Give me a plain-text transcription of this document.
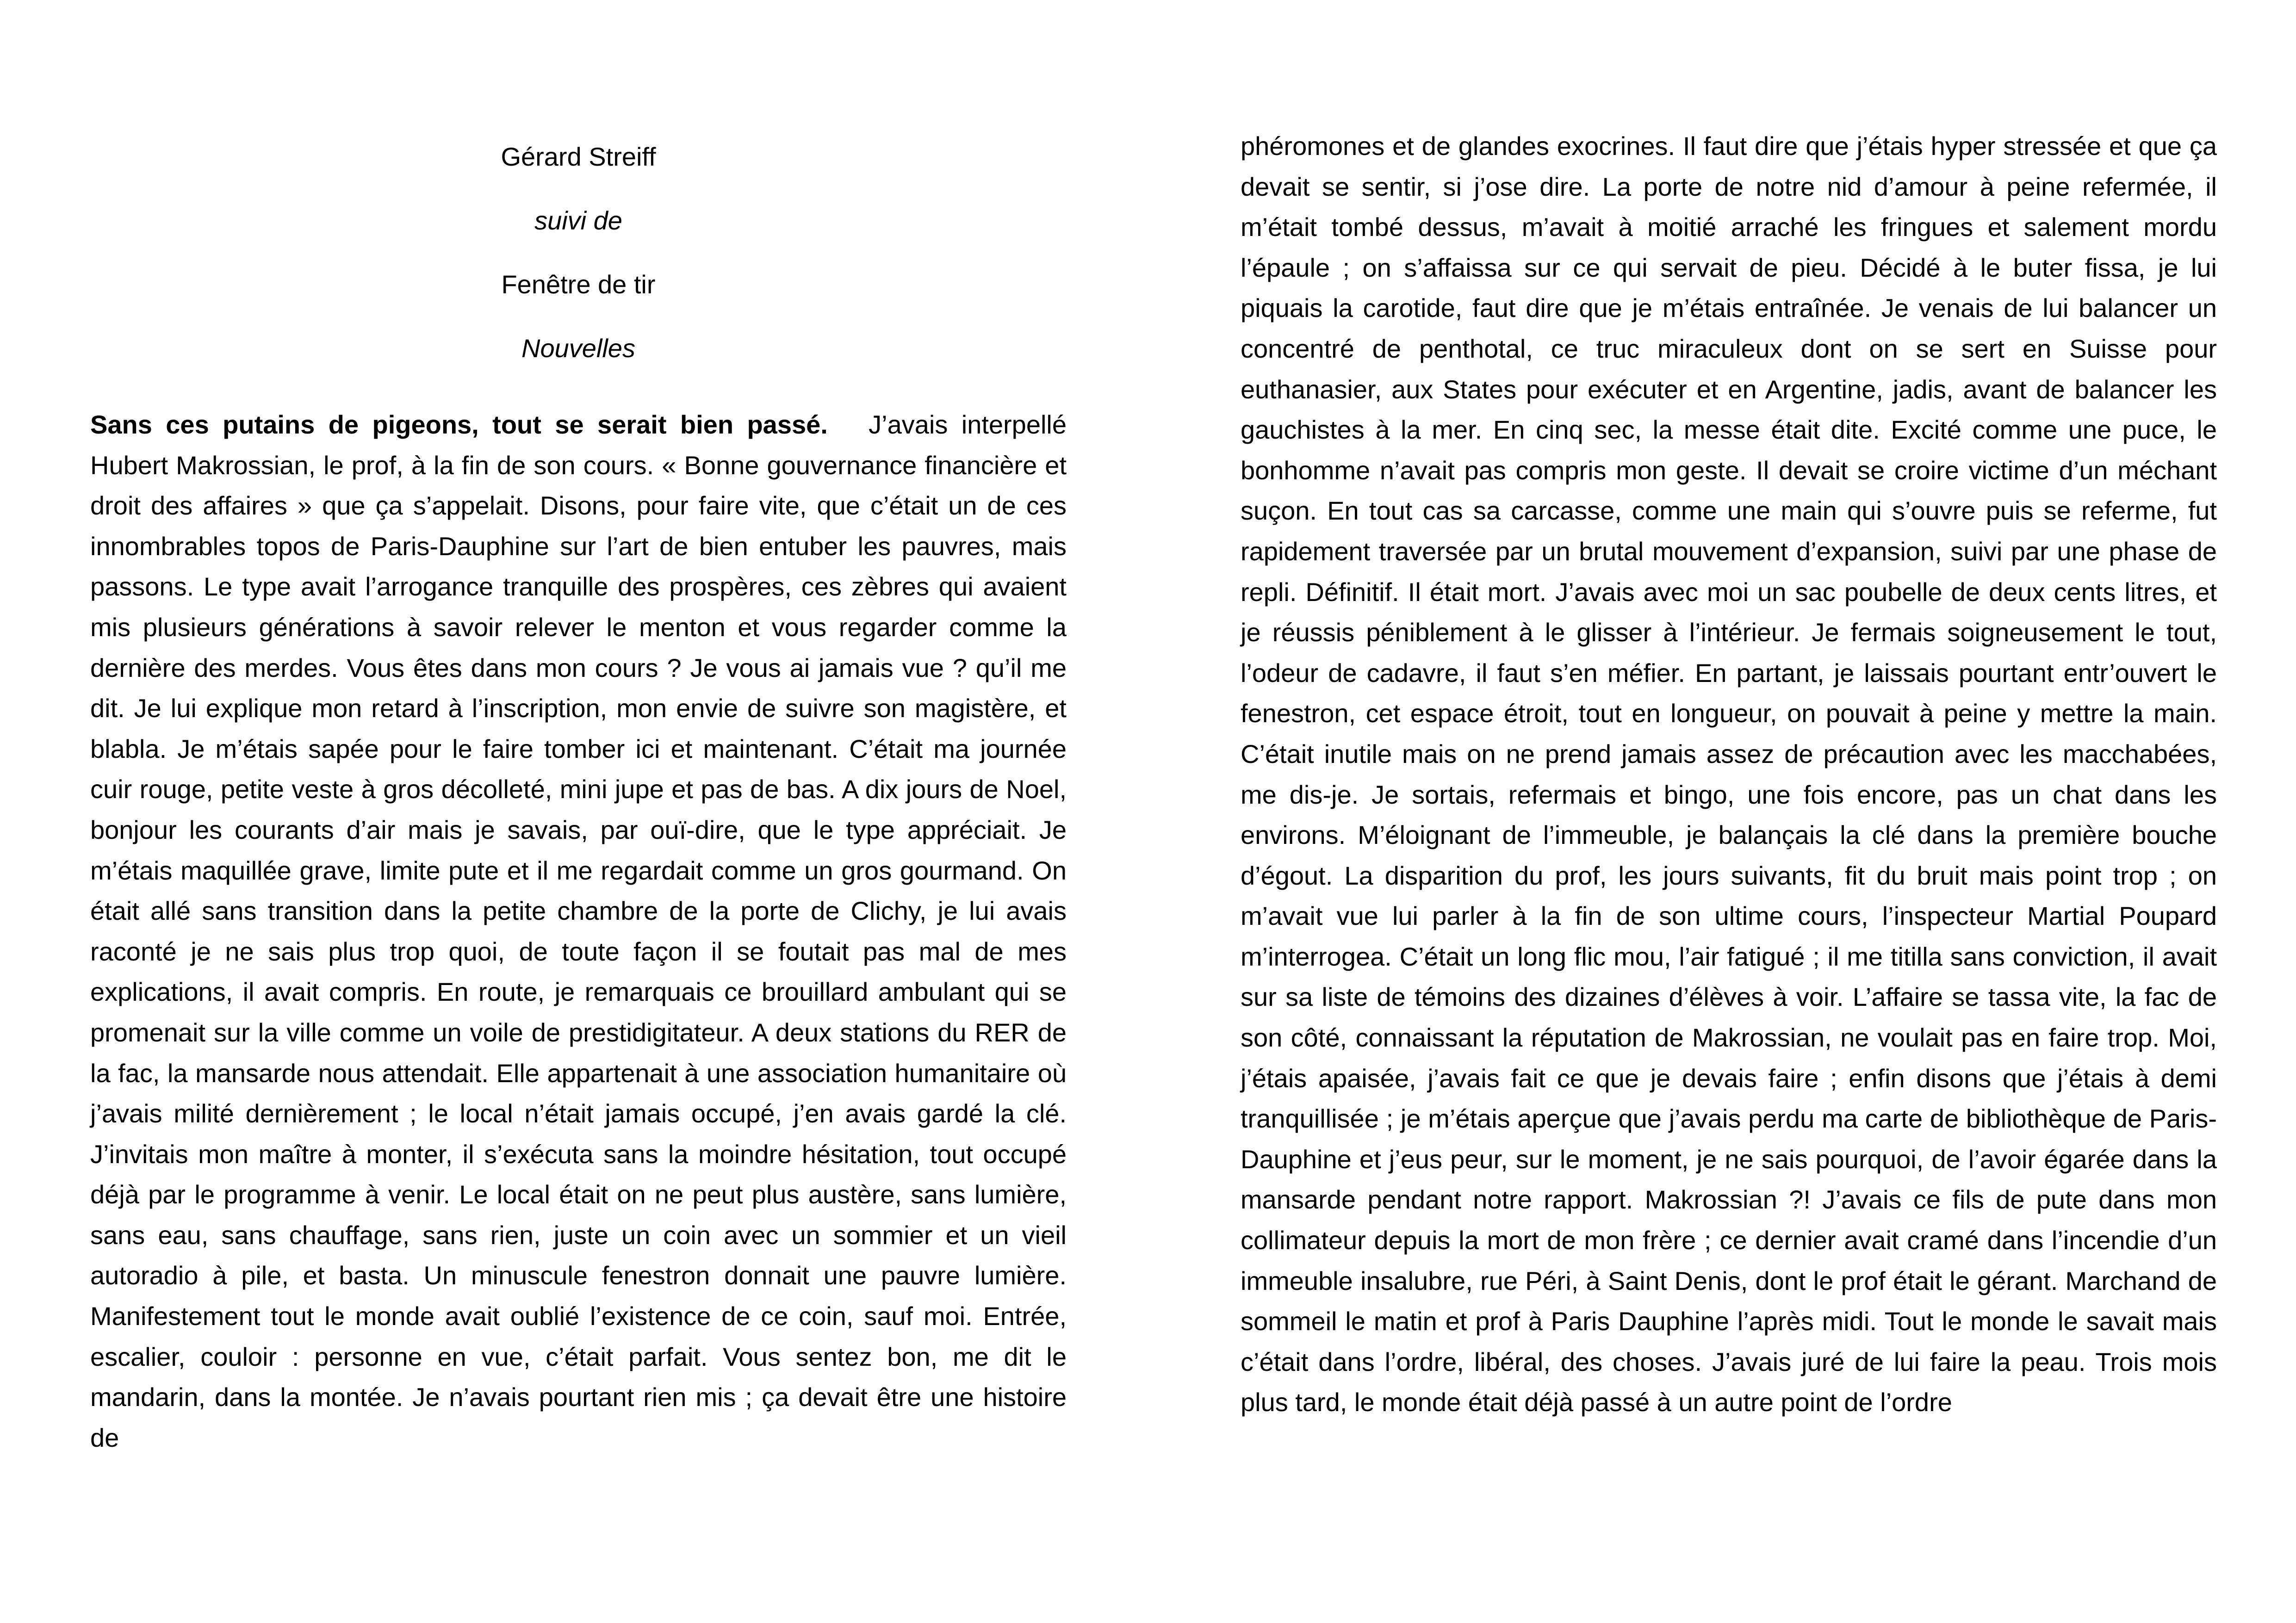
Gérard Streiff
suivi de
Fenêtre de tir
Nouvelles

Sans ces putains de pigeons, tout se serait bien passé. J’avais interpellé Hubert Makrossian, le prof, à la fin de son cours. « Bonne gouvernance financière et droit des affaires » que ça s’appelait. Disons, pour faire vite, que c’était un de ces innombrables topos de Paris-Dauphine sur l’art de bien entuber les pauvres, mais passons. Le type avait l’arrogance tranquille des prospères, ces zèbres qui avaient mis plusieurs générations à savoir relever le menton et vous regarder comme la dernière des merdes. Vous êtes dans mon cours ? Je vous ai jamais vue ? qu’il me dit. Je lui explique mon retard à l’inscription, mon envie de suivre son magistère, et blabla. Je m’étais sapée pour le faire tomber ici et maintenant. C’était ma journée cuir rouge, petite veste à gros décolleté, mini jupe et pas de bas. A dix jours de Noel, bonjour les courants d’air mais je savais, par ouï-dire, que le type appréciait. Je m’étais maquillée grave, limite pute et il me regardait comme un gros gourmand. On était allé sans transition dans la petite chambre de la porte de Clichy, je lui avais raconté je ne sais plus trop quoi, de toute façon il se foutait pas mal de mes explications, il avait compris. En route, je remarquais ce brouillard ambulant qui se promenait sur la ville comme un voile de prestidigitateur. A deux stations du RER de la fac, la mansarde nous attendait. Elle appartenait à une association humanitaire où j’avais milité dernièrement ; le local n’était jamais occupé, j’en avais gardé la clé. J’invitais mon maître à monter, il s’exécuta sans la moindre hésitation, tout occupé déjà par le programme à venir. Le local était on ne peut plus austère, sans lumière, sans eau, sans chauffage, sans rien, juste un coin avec un sommier et un vieil autoradio à pile, et basta. Un minuscule fenestron donnait une pauvre lumière. Manifestement tout le monde avait oublié l’existence de ce coin, sauf moi. Entrée, escalier, couloir : personne en vue, c’était parfait. Vous sentez bon, me dit le mandarin, dans la montée. Je n’avais pourtant rien mis ; ça devait être une histoire de

phéromones et de glandes exocrines. Il faut dire que j’étais hyper stressée et que ça devait se sentir, si j’ose dire. La porte de notre nid d’amour à peine refermée, il m’était tombé dessus, m’avait à moitié arraché les fringues et salement mordu l’épaule ; on s’affaissa sur ce qui servait de pieu. Décidé à le buter fissa, je lui piquais la carotide, faut dire que je m’étais entraînée. Je venais de lui balancer un concentré de penthotal, ce truc miraculeux dont on se sert en Suisse pour euthanasier, aux States pour exécuter et en Argentine, jadis, avant de balancer les gauchistes à la mer. En cinq sec, la messe était dite. Excité comme une puce, le bonhomme n’avait pas compris mon geste. Il devait se croire victime d’un méchant suçon. En tout cas sa carcasse, comme une main qui s’ouvre puis se referme, fut rapidement traversée par un brutal mouvement d’expansion, suivi par une phase de repli. Définitif. Il était mort. J’avais avec moi un sac poubelle de deux cents litres, et je réussis péniblement à le glisser à l’intérieur. Je fermais soigneusement le tout, l’odeur de cadavre, il faut s’en méfier. En partant, je laissais pourtant entr’ouvert le fenestron, cet espace étroit, tout en longueur, on pouvait à peine y mettre la main. C’était inutile mais on ne prend jamais assez de précaution avec les macchabées, me dis-je. Je sortais, refermais et bingo, une fois encore, pas un chat dans les environs. M’éloignant de l’immeuble, je balançais la clé dans la première bouche d’égout. La disparition du prof, les jours suivants, fit du bruit mais point trop ; on m’avait vue lui parler à la fin de son ultime cours, l’inspecteur Martial Poupard m’interrogea. C’était un long flic mou, l’air fatigué ; il me titilla sans conviction, il avait sur sa liste de témoins des dizaines d’élèves à voir. L’affaire se tassa vite, la fac de son côté, connaissant la réputation de Makrossian, ne voulait pas en faire trop. Moi, j’étais apaisée, j’avais fait ce que je devais faire ; enfin disons que j’étais à demi tranquillisée ; je m’étais aperçue que j’avais perdu ma carte de bibliothèque de Paris-Dauphine et j’eus peur, sur le moment, je ne sais pourquoi, de l’avoir égarée dans la mansarde pendant notre rapport. Makrossian ?! J’avais ce fils de pute dans mon collimateur depuis la mort de mon frère ; ce dernier avait cramé dans l’incendie d’un immeuble insalubre, rue Péri, à Saint Denis, dont le prof était le gérant. Marchand de sommeil le matin et prof à Paris Dauphine l’après midi. Tout le monde le savait mais c’était dans l’ordre, libéral, des choses. J’avais juré de lui faire la peau. Trois mois plus tard, le monde était déjà passé à un autre point de l’ordre
